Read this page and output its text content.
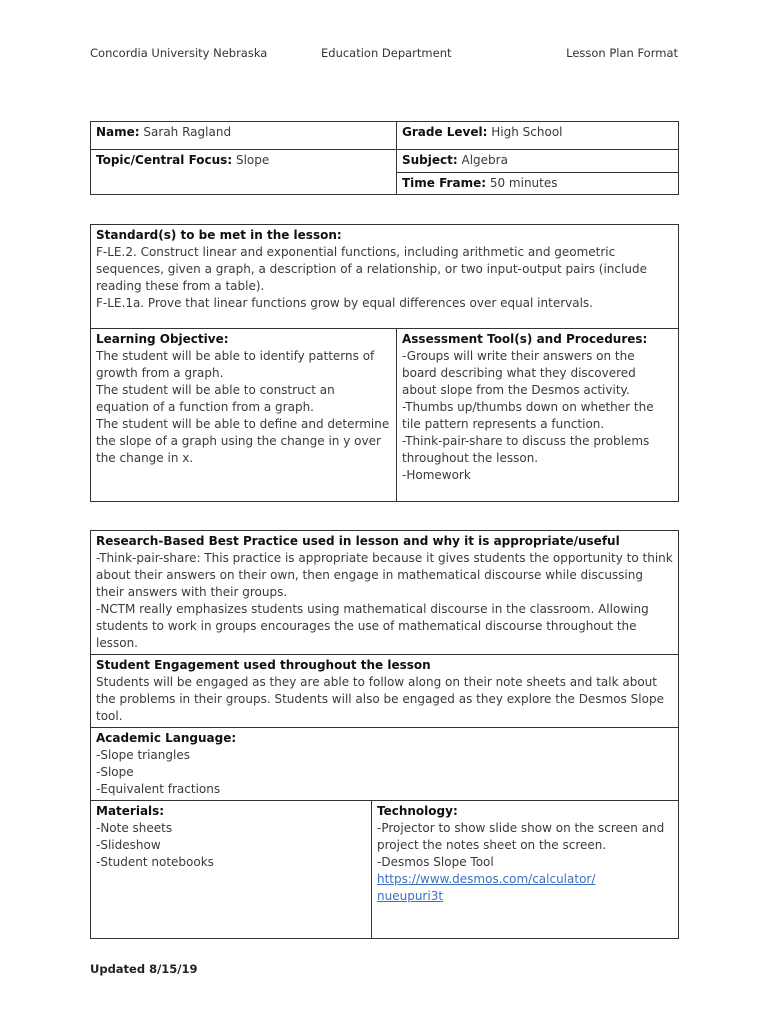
Concordia University Nebraska	Education Department	Lesson Plan Format
Name: Sarah Ragland	Grade Level: High School
Topic/Central Focus: Slope	Subject: Algebra
	Time Frame: 50 minutes
Standard(s) to be met in the lesson:
F-LE.2. Construct linear and exponential functions, including arithmetic and geometric sequences, given a graph, a description of a relationship, or two input-output pairs (include reading these from a table).
F-LE.1a. Prove that linear functions grow by equal differences over equal intervals.

Learning Objective:
The student will be able to identify patterns of growth from a graph.
The student will be able to construct an equation of a function from a graph.
The student will be able to define and determine the slope of a graph using the change in y over the change in x.

Assessment Tool(s) and Procedures:
-Groups will write their answers on the board describing what they discovered about slope from the Desmos activity.
-Thumbs up/thumbs down on whether the tile pattern represents a function.
-Think-pair-share to discuss the problems throughout the lesson.
-Homework
Research-Based Best Practice used in lesson and why it is appropriate/useful
-Think-pair-share: This practice is appropriate because it gives students the opportunity to think about their answers on their own, then engage in mathematical discourse while discussing their answers with their groups.
-NCTM really emphasizes students using mathematical discourse in the classroom. Allowing students to work in groups encourages the use of mathematical discourse throughout the lesson.

Student Engagement used throughout the lesson
Students will be engaged as they are able to follow along on their note sheets and talk about the problems in their groups. Students will also be engaged as they explore the Desmos Slope tool.

Academic Language:
-Slope triangles
-Slope
-Equivalent fractions

Materials:
-Note sheets
-Slideshow
-Student notebooks

Technology:
-Projector to show slide show on the screen and project the notes sheet on the screen.
-Desmos Slope Tool
https://www.desmos.com/calculator/
nueupuri3t
Updated 8/15/19
